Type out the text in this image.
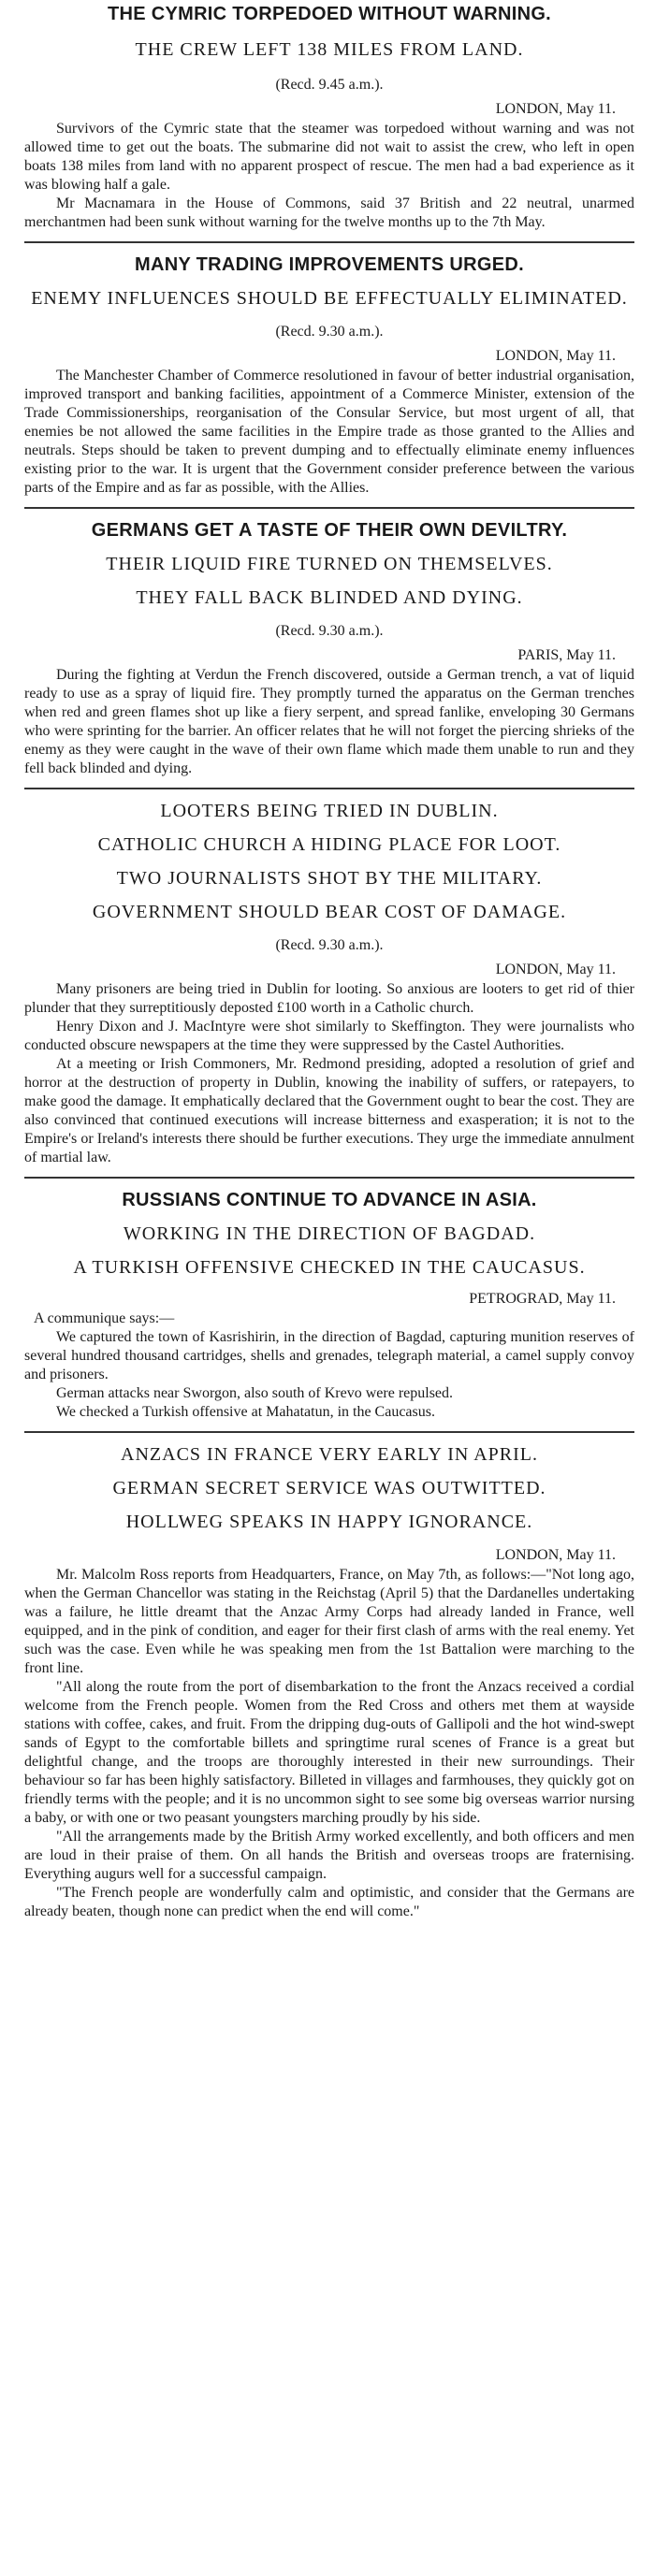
THE CYMRIC TORPEDOED WITHOUT WARNING.
THE CREW LEFT 138 MILES FROM LAND.
(Recd. 9.45 a.m.).
LONDON, May 11.

Survivors of the Cymric state that the steamer was torpedoed without warning and was not allowed time to get out the boats. The submarine did not wait to assist the crew, who left in open boats 138 miles from land with no apparent prospect of rescue. The men had a bad experience as it was blowing half a gale.

Mr Macnamara in the House of Commons, said 37 British and 22 neutral, unarmed merchantmen had been sunk without warning for the twelve months up to the 7th May.

MANY TRADING IMPROVEMENTS URGED.
ENEMY INFLUENCES SHOULD BE EFFECTUALLY ELIMINATED.
(Recd. 9.30 a.m.).
LONDON, May 11.

The Manchester Chamber of Commerce resolutioned in favour of better industrial organisation, improved transport and banking facilities, appointment of a Commerce Minister, extension of the Trade Commissionerships, reorganisation of the Consular Service, but most urgent of all, that enemies be not allowed the same facilities in the Empire trade as those granted to the Allies and neutrals. Steps should be taken to prevent dumping and to effectually eliminate enemy influences existing prior to the war. It is urgent that the Government consider preference between the various parts of the Empire and as far as possible, with the Allies.

GERMANS GET A TASTE OF THEIR OWN DEVILTRY.
THEIR LIQUID FIRE TURNED ON THEMSELVES.
THEY FALL BACK BLINDED AND DYING.
(Recd. 9.30 a.m.).
PARIS, May 11.

During the fighting at Verdun the French discovered, outside a German trench, a vat of liquid ready to use as a spray of liquid fire. They promptly turned the apparatus on the German trenches when red and green flames shot up like a fiery serpent, and spread fanlike, enveloping 30 Germans who were sprinting for the barrier. An officer relates that he will not forget the piercing shrieks of the enemy as they were caught in the wave of their own flame which made them unable to run and they fell back blinded and dying.

LOOTERS BEING TRIED IN DUBLIN.
CATHOLIC CHURCH A HIDING PLACE FOR LOOT.
TWO JOURNALISTS SHOT BY THE MILITARY.
GOVERNMENT SHOULD BEAR COST OF DAMAGE.
(Recd. 9.30 a.m.).
LONDON, May 11.

Many prisoners are being tried in Dublin for looting. So anxious are looters to get rid of thier plunder that they surreptitiously deposted £100 worth in a Catholic church.

Henry Dixon and J. MacIntyre were shot similarly to Skeffington. They were journalists who conducted obscure newspapers at the time they were suppressed by the Castel Authorities.

At a meeting or Irish Commoners, Mr. Redmond presiding, adopted a resolution of grief and horror at the destruction of property in Dublin, knowing the inability of suffers, or ratepayers, to make good the damage. It emphatically declared that the Government ought to bear the cost. They are also convinced that continued executions will increase bitterness and exasperation; it is not to the Empire's or Ireland's interests there should be further executions. They urge the immediate annulment of martial law.

RUSSIANS CONTINUE TO ADVANCE IN ASIA.
WORKING IN THE DIRECTION OF BAGDAD.
A TURKISH OFFENSIVE CHECKED IN THE CAUCASUS.
PETROGRAD, May 11.

A communique says:—

We captured the town of Kasrishirin, in the direction of Bagdad, capturing munition reserves of several hundred thousand cartridges, shells and grenades, telegraph material, a camel supply convoy and prisoners.

German attacks near Sworgon, also south of Krevo were repulsed.

We checked a Turkish offensive at Mahatatun, in the Caucasus.

ANZACS IN FRANCE VERY EARLY IN APRIL.
GERMAN SECRET SERVICE WAS OUTWITTED.
HOLLWEG SPEAKS IN HAPPY IGNORANCE.
LONDON, May 11.

Mr. Malcolm Ross reports from Headquarters, France, on May 7th, as follows:—"Not long ago, when the German Chancellor was stating in the Reichstag (April 5) that the Dardanelles undertaking was a failure, he little dreamt that the Anzac Army Corps had already landed in France, well equipped, and in the pink of condition, and eager for their first clash of arms with the real enemy. Yet such was the case. Even while he was speaking men from the 1st Battalion were marching to the front line.

"All along the route from the port of disembarkation to the front the Anzacs received a cordial welcome from the French people. Women from the Red Cross and others met them at wayside stations with coffee, cakes, and fruit. From the dripping dug-outs of Gallipoli and the hot wind-swept sands of Egypt to the comfortable billets and springtime rural scenes of France is a great but delightful change, and the troops are thoroughly interested in their new surroundings. Their behaviour so far has been highly satisfactory. Billeted in villages and farmhouses, they quickly got on friendly terms with the people; and it is no uncommon sight to see some big overseas warrior nursing a baby, or with one or two peasant youngsters marching proudly by his side.

"All the arrangements made by the British Army worked excellently, and both officers and men are loud in their praise of them. On all hands the British and overseas troops are fraternising. Everything augurs well for a successful campaign.

"The French people are wonderfully calm and optimistic, and consider that the Germans are already beaten, though none can predict when the end will come."
